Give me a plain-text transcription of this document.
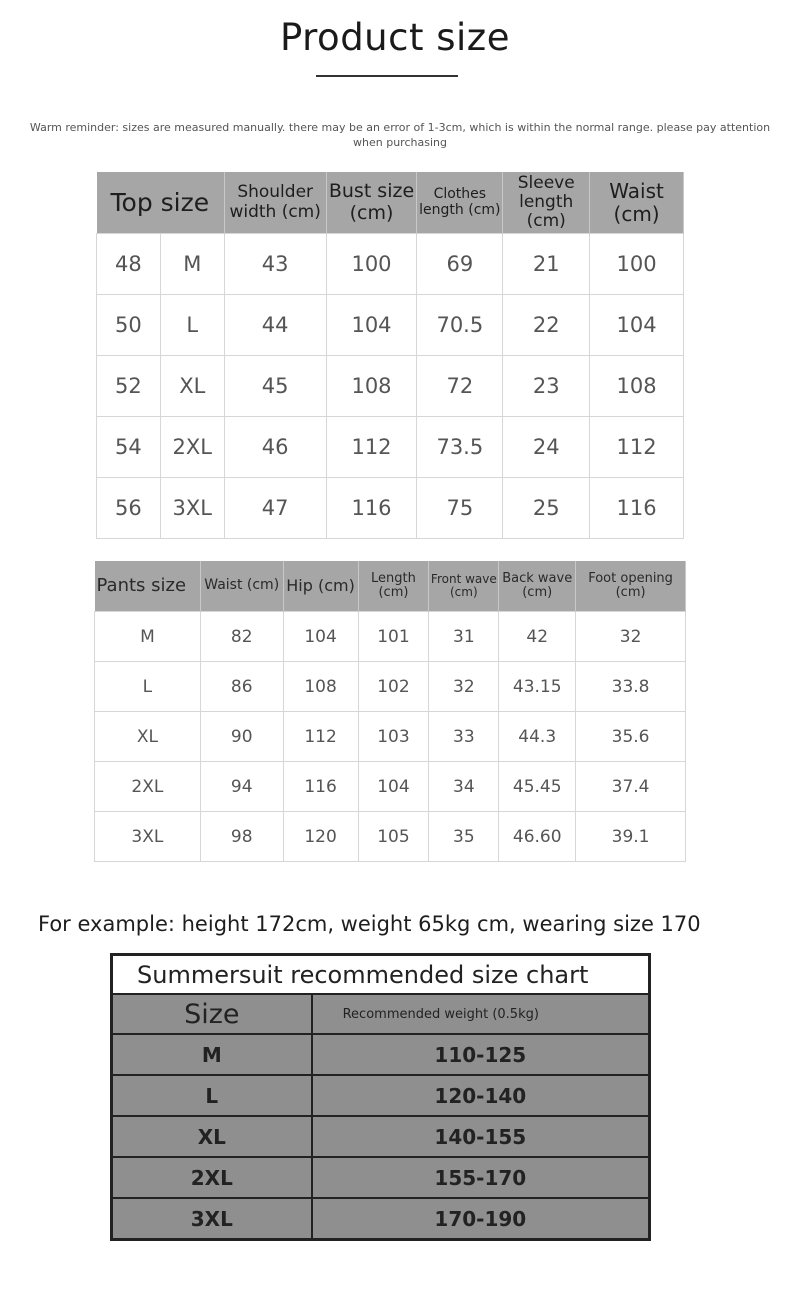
Product size
Warm reminder: sizes are measured manually. there may be an error of 1-3cm, which is within the normal range. please pay attention when purchasing
Top size		Shoulder width (cm)	Bust size (cm)	Clothes length (cm)	Sleeve length (cm)	Waist (cm)
48	M	43	100	69	21	100
50	L	44	104	70.5	22	104
52	XL	45	108	72	23	108
54	2XL	46	112	73.5	24	112
56	3XL	47	116	75	25	116
Pants size	Waist (cm)	Hip (cm)	Length (cm)	Front wave (cm)	Back wave (cm)	Foot opening (cm)
M	82	104	101	31	42	32
L	86	108	102	32	43.15	33.8
XL	90	112	103	33	44.3	35.6
2XL	94	116	104	34	45.45	37.4
3XL	98	120	105	35	46.60	39.1
For example: height 172cm, weight 65kg cm, wearing size 170
Summersuit recommended size chart	
Size	Recommended weight (0.5kg)
M	110-125
L	120-140
XL	140-155
2XL	155-170
3XL	170-190
